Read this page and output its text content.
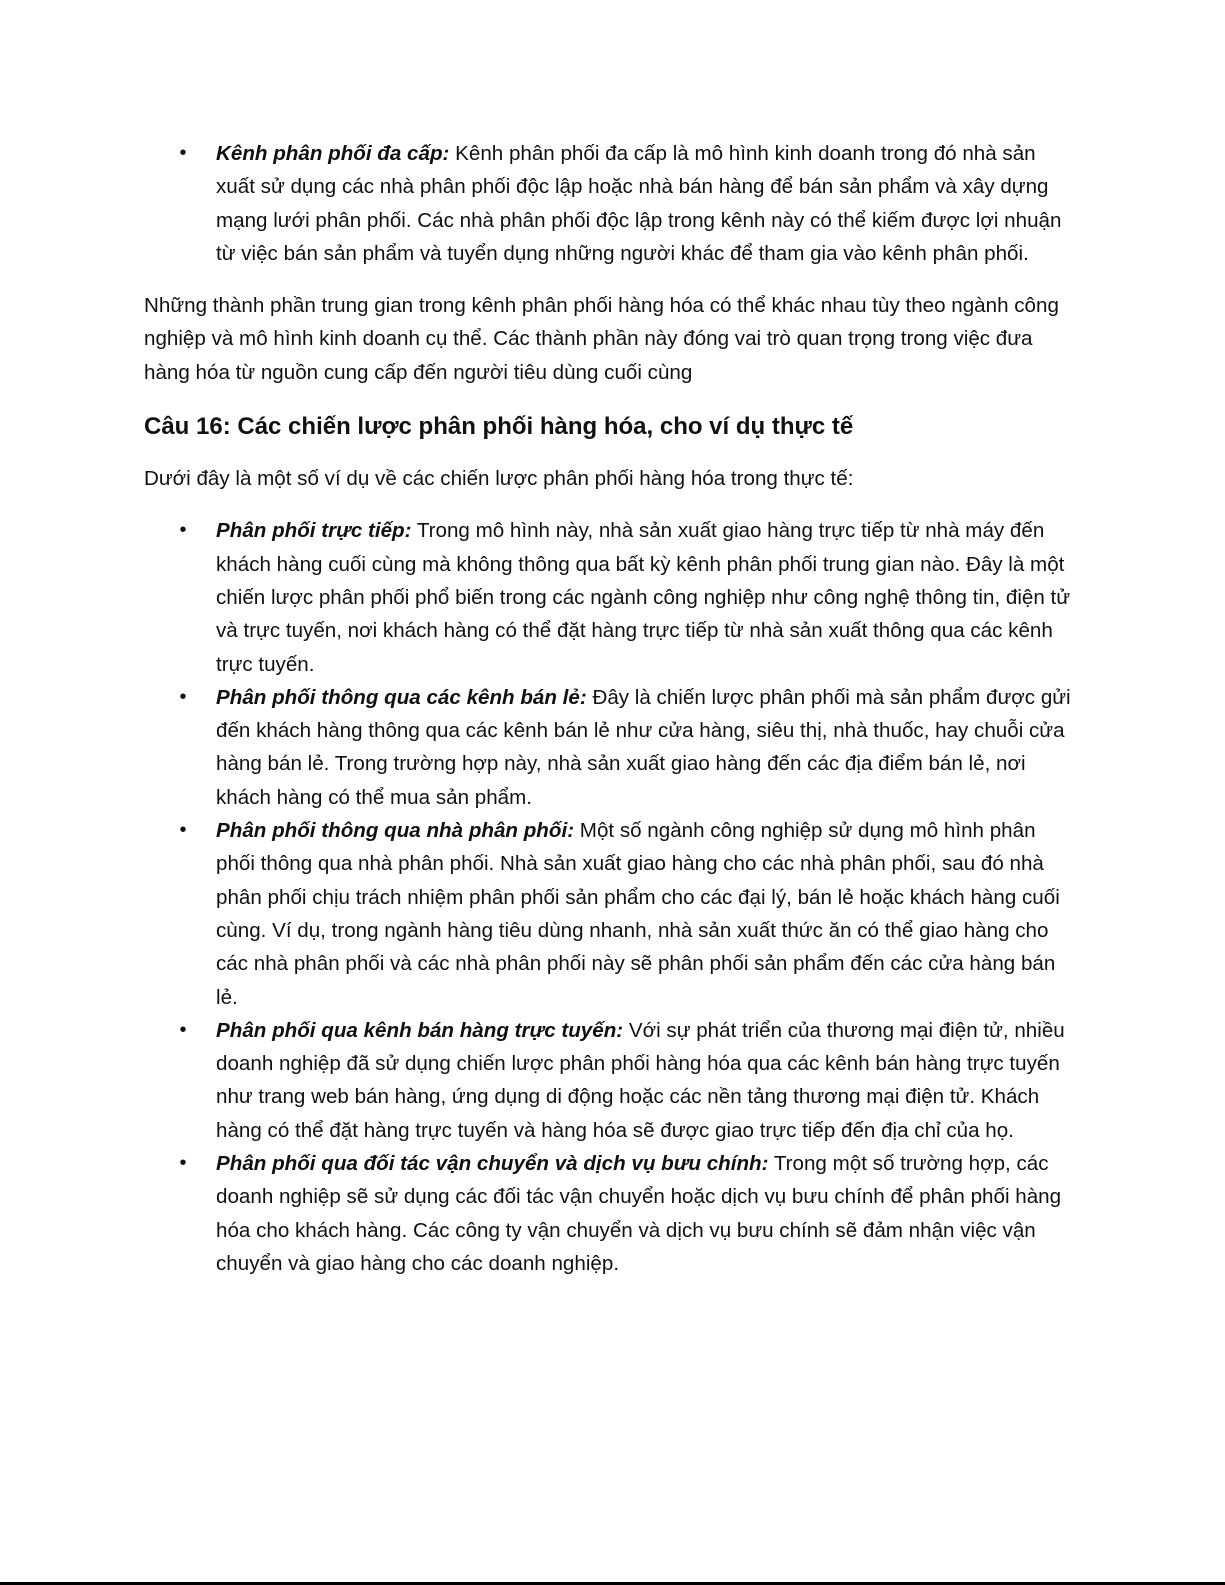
• Kênh phân phối đa cấp: Kênh phân phối đa cấp là mô hình kinh doanh trong đó nhà sản xuất sử dụng các nhà phân phối độc lập hoặc nhà bán hàng để bán sản phẩm và xây dựng mạng lưới phân phối. Các nhà phân phối độc lập trong kênh này có thể kiếm được lợi nhuận từ việc bán sản phẩm và tuyển dụng những người khác để tham gia vào kênh phân phối.

Những thành phần trung gian trong kênh phân phối hàng hóa có thể khác nhau tùy theo ngành công nghiệp và mô hình kinh doanh cụ thể. Các thành phần này đóng vai trò quan trọng trong việc đưa hàng hóa từ nguồn cung cấp đến người tiêu dùng cuối cùng

Câu 16: Các chiến lược phân phối hàng hóa, cho ví dụ thực tế

Dưới đây là một số ví dụ về các chiến lược phân phối hàng hóa trong thực tế:

• Phân phối trực tiếp: Trong mô hình này, nhà sản xuất giao hàng trực tiếp từ nhà máy đến khách hàng cuối cùng mà không thông qua bất kỳ kênh phân phối trung gian nào. Đây là một chiến lược phân phối phổ biến trong các ngành công nghiệp như công nghệ thông tin, điện tử và trực tuyến, nơi khách hàng có thể đặt hàng trực tiếp từ nhà sản xuất thông qua các kênh trực tuyến.
• Phân phối thông qua các kênh bán lẻ: Đây là chiến lược phân phối mà sản phẩm được gửi đến khách hàng thông qua các kênh bán lẻ như cửa hàng, siêu thị, nhà thuốc, hay chuỗi cửa hàng bán lẻ. Trong trường hợp này, nhà sản xuất giao hàng đến các địa điểm bán lẻ, nơi khách hàng có thể mua sản phẩm.
• Phân phối thông qua nhà phân phối: Một số ngành công nghiệp sử dụng mô hình phân phối thông qua nhà phân phối. Nhà sản xuất giao hàng cho các nhà phân phối, sau đó nhà phân phối chịu trách nhiệm phân phối sản phẩm cho các đại lý, bán lẻ hoặc khách hàng cuối cùng. Ví dụ, trong ngành hàng tiêu dùng nhanh, nhà sản xuất thức ăn có thể giao hàng cho các nhà phân phối và các nhà phân phối này sẽ phân phối sản phẩm đến các cửa hàng bán lẻ.
• Phân phối qua kênh bán hàng trực tuyến: Với sự phát triển của thương mại điện tử, nhiều doanh nghiệp đã sử dụng chiến lược phân phối hàng hóa qua các kênh bán hàng trực tuyến như trang web bán hàng, ứng dụng di động hoặc các nền tảng thương mại điện tử. Khách hàng có thể đặt hàng trực tuyến và hàng hóa sẽ được giao trực tiếp đến địa chỉ của họ.
• Phân phối qua đối tác vận chuyển và dịch vụ bưu chính: Trong một số trường hợp, các doanh nghiệp sẽ sử dụng các đối tác vận chuyển hoặc dịch vụ bưu chính để phân phối hàng hóa cho khách hàng. Các công ty vận chuyển và dịch vụ bưu chính sẽ đảm nhận việc vận chuyển và giao hàng cho các doanh nghiệp.
